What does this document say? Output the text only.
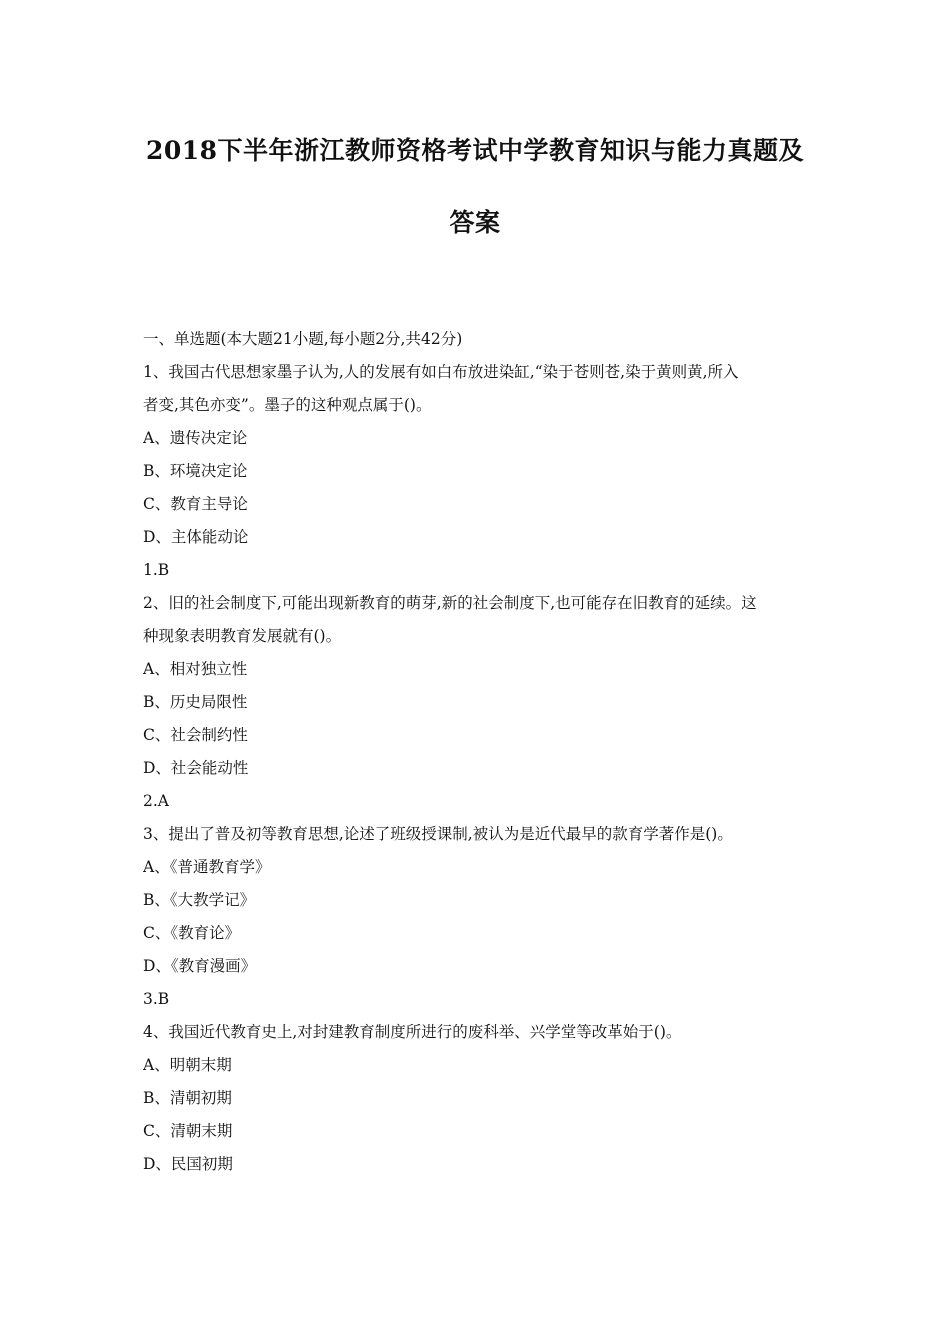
2018下半年浙江教师资格考试中学教育知识与能力真题及
答案
一、单选题(本大题21小题,每小题2分,共42分)
1、我国古代思想家墨子认为,人的发展有如白布放进染缸,“染于苍则苍,染于黄则黄,所入
者变,其色亦变”。墨子的这种观点属于()。
A、遗传决定论
B、环境决定论
C、教育主导论
D、主体能动论
1.B
2、旧的社会制度下,可能出现新教育的萌芽,新的社会制度下,也可能存在旧教育的延续。这
种现象表明教育发展就有()。
A、相对独立性
B、历史局限性
C、社会制约性
D、社会能动性
2.A
3、提出了普及初等教育思想,论述了班级授课制,被认为是近代最早的款育学著作是()。
A、《普通教育学》
B、《大教学记》
C、《教育论》
D、《教育漫画》
3.B
4、我国近代教育史上,对封建教育制度所进行的废科举、兴学堂等改革始于()。
A、明朝末期
B、清朝初期
C、清朝末期
D、民国初期
